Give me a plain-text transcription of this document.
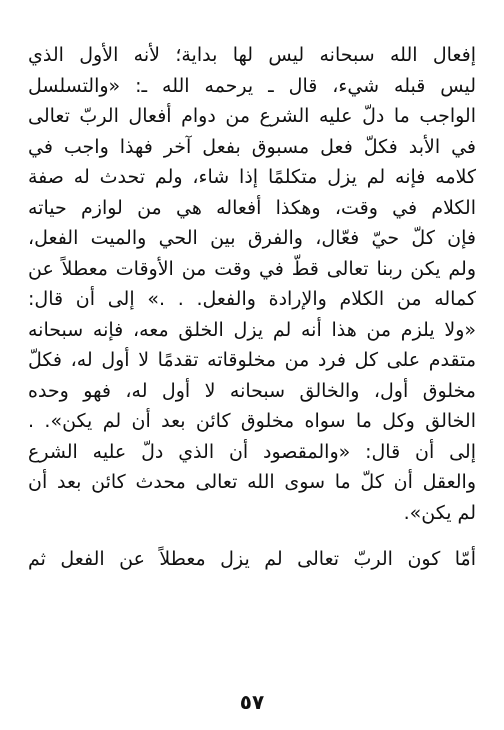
إفعال الله سبحانه ليس لها بداية؛ لأنه الأول الذي
ليس قبله شيء، قال ـ يرحمه الله ـ: «والتسلسل
الواجب ما دلّ عليه الشرع من دوام أفعال الربّ تعالى
في الأبد فكلّ فعل مسبوق بفعل آخر فهذا واجب في
كلامه فإنه لم يزل متكلمًا إذا شاء، ولم تحدث له صفة
الكلام في وقت، وهكذا أفعاله هي من لوازم حياته
فإن كلّ حيّ فعّال، والفرق بين الحي والميت الفعل،
ولم يكن ربنا تعالى قطّ في وقت من الأوقات معطلاً عن
كماله من الكلام والإرادة والفعل. . .» إلى أن قال:
«ولا يلزم من هذا أنه لم يزل الخلق معه، فإنه سبحانه
متقدم على كل فرد من مخلوقاته تقدمًا لا أول له، فكلّ
مخلوق أول، والخالق سبحانه لا أول له، فهو وحده
الخالق وكل ما سواه مخلوق كائن بعد أن لم يكن». .
إلى أن قال: «والمقصود أن الذي دلّ عليه الشرع
والعقل أن كلّ ما سوى الله تعالى محدث كائن بعد أن
لم يكن».
أمّا كون الربّ تعالى لم يزل معطلاً عن الفعل ثم
٥٧
